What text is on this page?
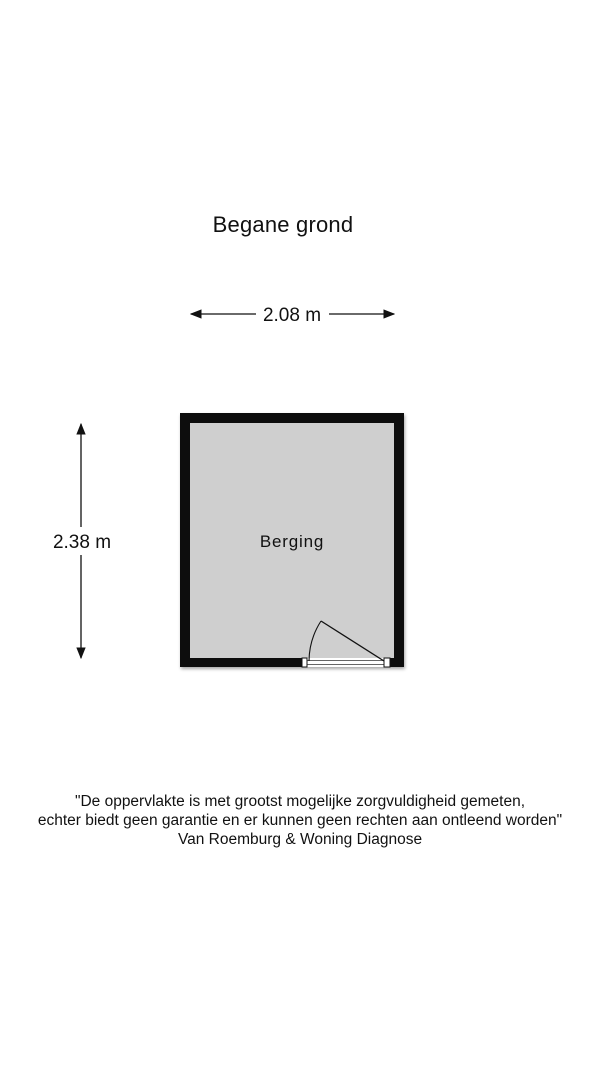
Begane grond
2.08 m
2.38 m	Berging
"De oppervlakte is met grootst mogelijke zorgvuldigheid gemeten,
echter biedt geen garantie en er kunnen geen rechten aan ontleend worden"
Van Roemburg & Woning Diagnose
